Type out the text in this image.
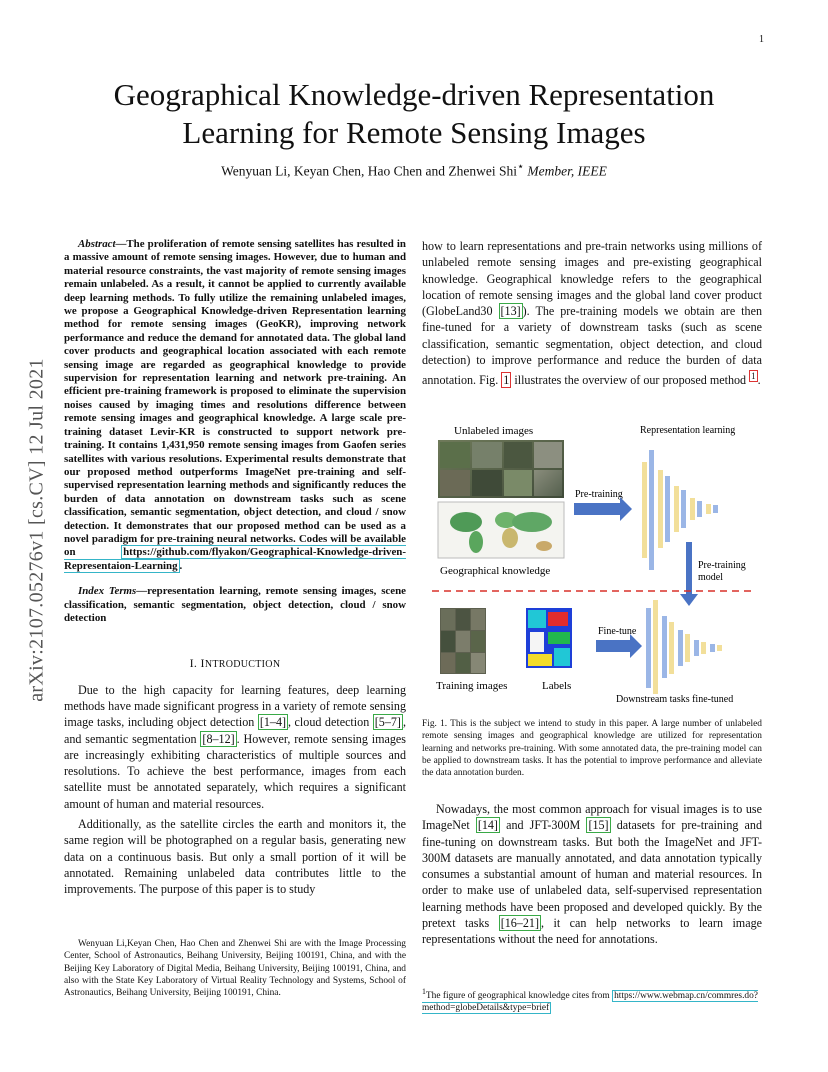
1
arXiv:2107.05276v1 [cs.CV] 12 Jul 2021
Geographical Knowledge-driven Representation
Learning for Remote Sensing Images
Wenyuan Li, Keyan Chen, Hao Chen and Zhenwei Shi⋆ Member, IEEE

Abstract—The proliferation of remote sensing satellites has resulted in a massive amount of remote sensing images. However, due to human and material resource constraints, the vast majority of remote sensing images remain unlabeled. As a result, it cannot be applied to currently available deep learning methods. To fully utilize the remaining unlabeled images, we propose a Geographical Knowledge-driven Representation learning method for remote sensing images (GeoKR), improving network performance and reduce the demand for annotated data. The global land cover products and geographical location associated with each remote sensing image are regarded as geographical knowledge to provide supervision for representation learning and network pre-training. An efficient pre-training framework is proposed to eliminate the supervision noises caused by imaging times and resolutions difference between remote sensing images and geographical knowledge. A large scale pre-training dataset Levir-KR is constructed to support network pre-training. It contains 1,431,950 remote sensing images from Gaofen series satellites with various resolutions. Experimental results demonstrate that our proposed method outperforms ImageNet pre-training and self-supervised representation learning methods and significantly reduces the burden of data annotation on downstream tasks such as scene classification, semantic segmentation, object detection, and cloud / snow detection. It demonstrates that our proposed method can be used as a novel paradigm for pre-training neural networks. Codes will be available on https://github.com/flyakon/Geographical-Knowledge-driven-Representaion-Learning .

Index Terms—representation learning, remote sensing images, scene classification, semantic segmentation, object detection, cloud / snow detection

I. INTRODUCTION

Due to the high capacity for learning features, deep learning methods have made significant progress in a variety of remote sensing image tasks, including object detection [1–4] , cloud detection [5–7] , and semantic segmentation [8–12] . However, remote sensing images are increasingly exhibiting characteristics of multiple sources and resolutions. To achieve the best performance, images from each satellite must be annotated separately, which requires a significant amount of human and material resources.

Additionally, as the satellite circles the earth and monitors it, the same region will be photographed on a regular basis, generating new data on a continuous basis. But only a small portion of it will be annotated. Remaining unlabeled data contributes little to the improvements. The purpose of this paper is to study

Wenyuan Li,Keyan Chen, Hao Chen and Zhenwei Shi are with the Image Processing Center, School of Astronautics, Beihang University, Beijing 100191, China, and with the Beijing Key Laboratory of Digital Media, Beihang University, Beijing 100191, China, and also with the State Key Laboratory of Virtual Reality Technology and Systems, School of Astronautics, Beihang University, Beijing 100191, China.

how to learn representations and pre-train networks using millions of unlabeled remote sensing images and pre-existing geographical knowledge. Geographical knowledge refers to the geographical location of remote sensing images and the global land cover product (GlobeLand30 [13] ). The pre-training models we obtain are then fine-tuned for a variety of downstream tasks (such as scene classification, semantic segmentation, object detection, and cloud detection) to improve performance and reduce the burden of data annotation. Fig. 1 illustrates the overview of our proposed method $^1$ .

Unlabeled images	Representation learning
Geographical knowledge
Pre-training
Pre-training
model
Training images	Labels
Fine-tune
Downstream tasks fine-tuned
Fig. 1. This is the subject we intend to study in this paper. A large number of unlabeled remote sensing images and geographical knowledge are utilized for representation learning and networks pre-training. With some annotated data, the pre-training model can be applied to downstream tasks. It has the potential to improve performance and alleviate the data annotation burden.

Nowadays, the most common approach for visual images is to use ImageNet [14] and JFT-300M [15] datasets for pre-training and fine-tuning on downstream tasks. But both the ImageNet and JFT-300M datasets are manually annotated, and data annotation typically consumes a substantial amount of human and material resources. In order to make use of unlabeled data, self-supervised representation learning methods have been proposed and developed quickly. By the pretext tasks [16–21] , it can help networks to learn image representations without the need for annotations.

$^1$The figure of geographical knowledge cites from https://www.webmap.cn/commres.do?method=globeDetails&type=brief
